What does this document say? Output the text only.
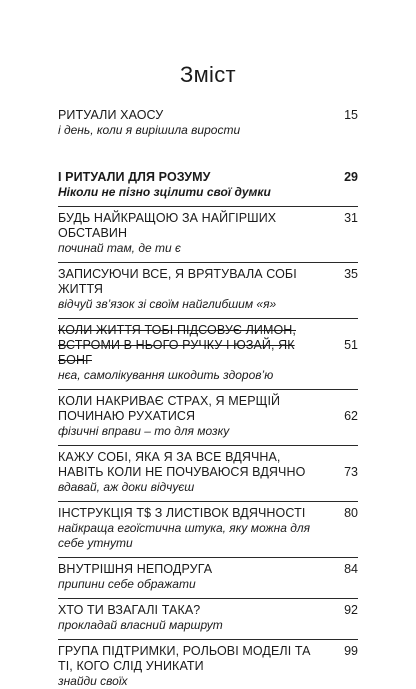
Зміст
РИТУАЛИ ХАОСУ
і день, коли я вирішила вирости
15
І РИТУАЛИ ДЛЯ РОЗУМУ
Ніколи не пізно зцілити свої думки
29
БУДЬ НАЙКРАЩОЮ ЗА НАЙГІРШИХ ОБСТАВИН
починай там, де ти є
31
ЗАПИСУЮЧИ ВСЕ, Я ВРЯТУВАЛА СОБІ ЖИТТЯ
відчуй зв’язок зі своїм найглибшим «я»
35
КОЛИ ЖИТТЯ ТОБІ ПІДСОВУЄ ЛИМОН, ВСТРОМИ В НЬОГО РУЧКУ І ЮЗАЙ, ЯК БОНГ
нєа, самолікування шкодить здоров’ю
51
КОЛИ НАКРИВАЄ СТРАХ, Я МЕРЩІЙ ПОЧИНАЮ РУХАТИСЯ
фізичні вправи – то для мозку
62
КАЖУ СОБІ, ЯКА Я ЗА ВСЕ ВДЯЧНА, НАВІТЬ КОЛИ НЕ ПОЧУВАЮСЯ ВДЯЧНО
вдавай, аж доки відчуєш
73
ІНСТРУКЦІЯ Т$ З ЛИСТІВОК ВДЯЧНОСТІ
найкраща егоїстична штука, яку можна для себе утнути
80
ВНУТРІШНЯ НЕПОДРУГА
припини себе ображати
84
ХТО ТИ ВЗАГАЛІ ТАКА?
прокладай власний маршрут
92
ГРУПА ПІДТРИМКИ, РОЛЬОВІ МОДЕЛІ ТА ТІ, КОГО СЛІД УНИКАТИ
знайди своїх
99
